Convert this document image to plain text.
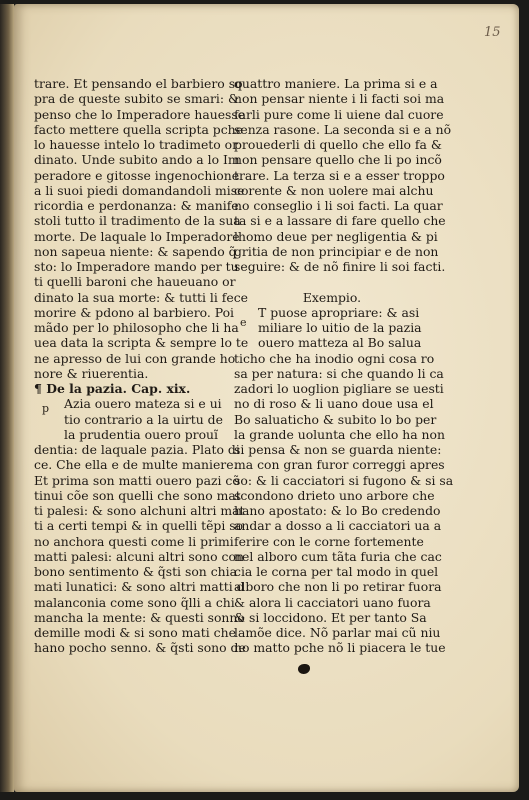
15
trare. Et pensando el barbiero so
pra de queste subito se smari: &
penso che lo Imperadore hauesse
facto mettere quella scripta pche
lo hauesse intelo lo tradimeto or
dinato. Unde subito ando a lo Im
peradore e gitosse ingenochione
a li suoi piedi domandandoli mise
ricordia e perdonanza: & manife
stoli tutto il tradimento de la sua
morte. De laquale lo Imperadore
non sapeua niente: & sapendo q̃
sto: lo Imperadore mando per tu
ti quelli baroni che haueuano or
dinato la sua morte: & tutti li fece
morire & pdono al barbiero. Poi
mãdo per lo philosopho che li ha
uea data la scripta & sempre lo te
ne apresso de lui con grande ho
nore & riuerentia.
¶ De la pazia. Cap. xix.
Azia ouero mateza si e ui
tio contrario a la uirtu de
la prudentia ouero prouĩ
dentia: de laquale pazia. Plato di
ce. Che ella e de multe maniere.
Et prima son matti ouero pazi cõ
tinui cõe son quelli che sono mat
ti palesi: & sono alchuni altri mat
ti a certi tempi & in quelli tẽpi so
no anchora questi come li primi
matti palesi: alcuni altri sono con
bono sentimento & q̃sti son chia
mati lunatici: & sono altri matti d
malanconia come sono q̃lli a chi
mancha la mente: & questi sonno
demille modi & si sono mati che
hano pocho senno. & q̃sti sono de
quattro maniere. La prima si e a
non pensar niente i li facti soi ma
farli pure come li uiene dal cuore
senza rasone. La seconda si e a nõ
prouederli di quello che ello fa &
non pensare quello che li po incõ
trare. La terza si e a esser troppo
corente & non uolere mai alchu
no conseglio i li soi facti. La quar
ta si e a lassare di fare quello che
lhomo deue per negligentia & pi
gritia de non principiar e de non
seguire: & de nõ finire li soi facti.
Exempio.
T puose apropriare: & asi
miliare lo uitio de la pazia
ouero matteza al Bo salua
ticho che ha inodio ogni cosa ro
sa per natura: si che quando li ca
zadori lo uoglion pigliare se uesti
no di roso & li uano doue usa el
Bo saluaticho & subito lo bo per
la grande uolunta che ello ha non
si pensa & non se guarda niente:
ma con gran furor correggi apres
so: & li cacciatori si fugono & si sa
scondono drieto uno arbore che
hano apostato: & lo Bo credendo
andar a dosso a li cacciatori ua a
ferire con le corne fortemente
nel alboro cum tãta furia che cac
cia le corna per tal modo in quel
alboro che non li po retirar fuora
& alora li cacciatori uano fuora
& si loccidono. Et per tanto Sa
lamõe dice. Nõ parlar mai cũ niu
no matto pche nõ li piacera le tue
p
e
